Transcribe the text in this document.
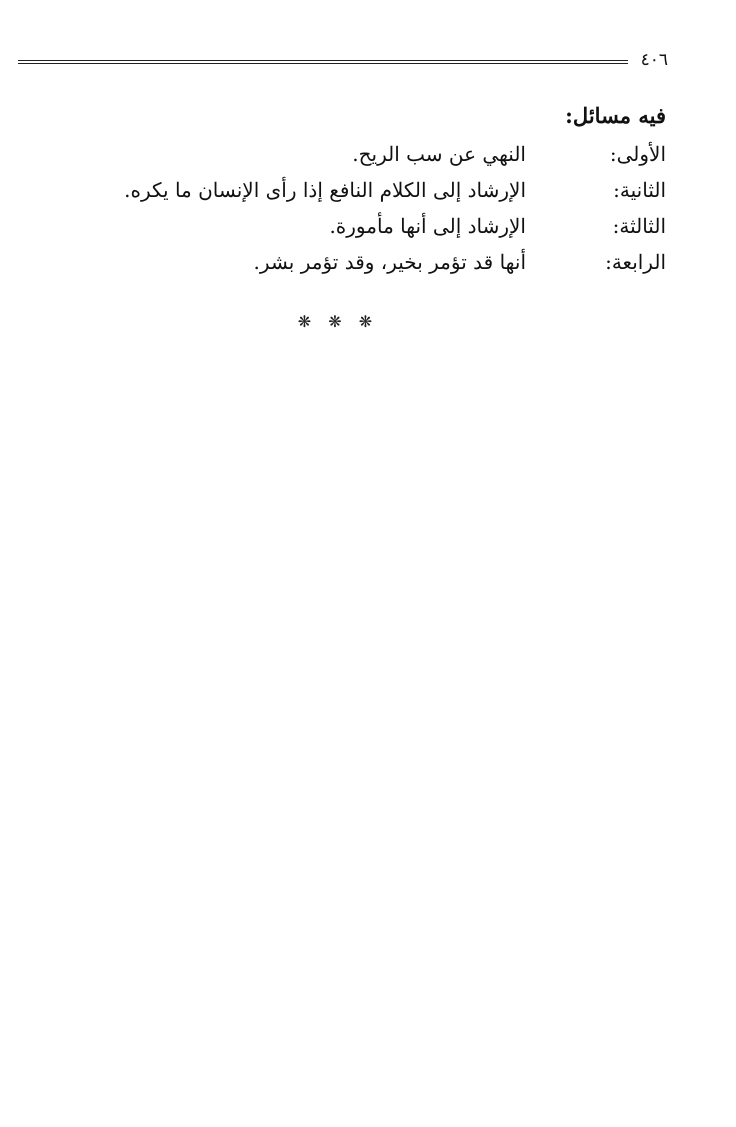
٤٠٦
فيه مسائل:
الأولى:
النهي عن سب الريح.
الثانية:
الإرشاد إلى الكلام النافع إذا رأى الإنسان ما يكره.
الثالثة:
الإرشاد إلى أنها مأمورة.
الرابعة:
أنها قد تؤمر بخير، وقد تؤمر بشر.
❋ ❋ ❋
